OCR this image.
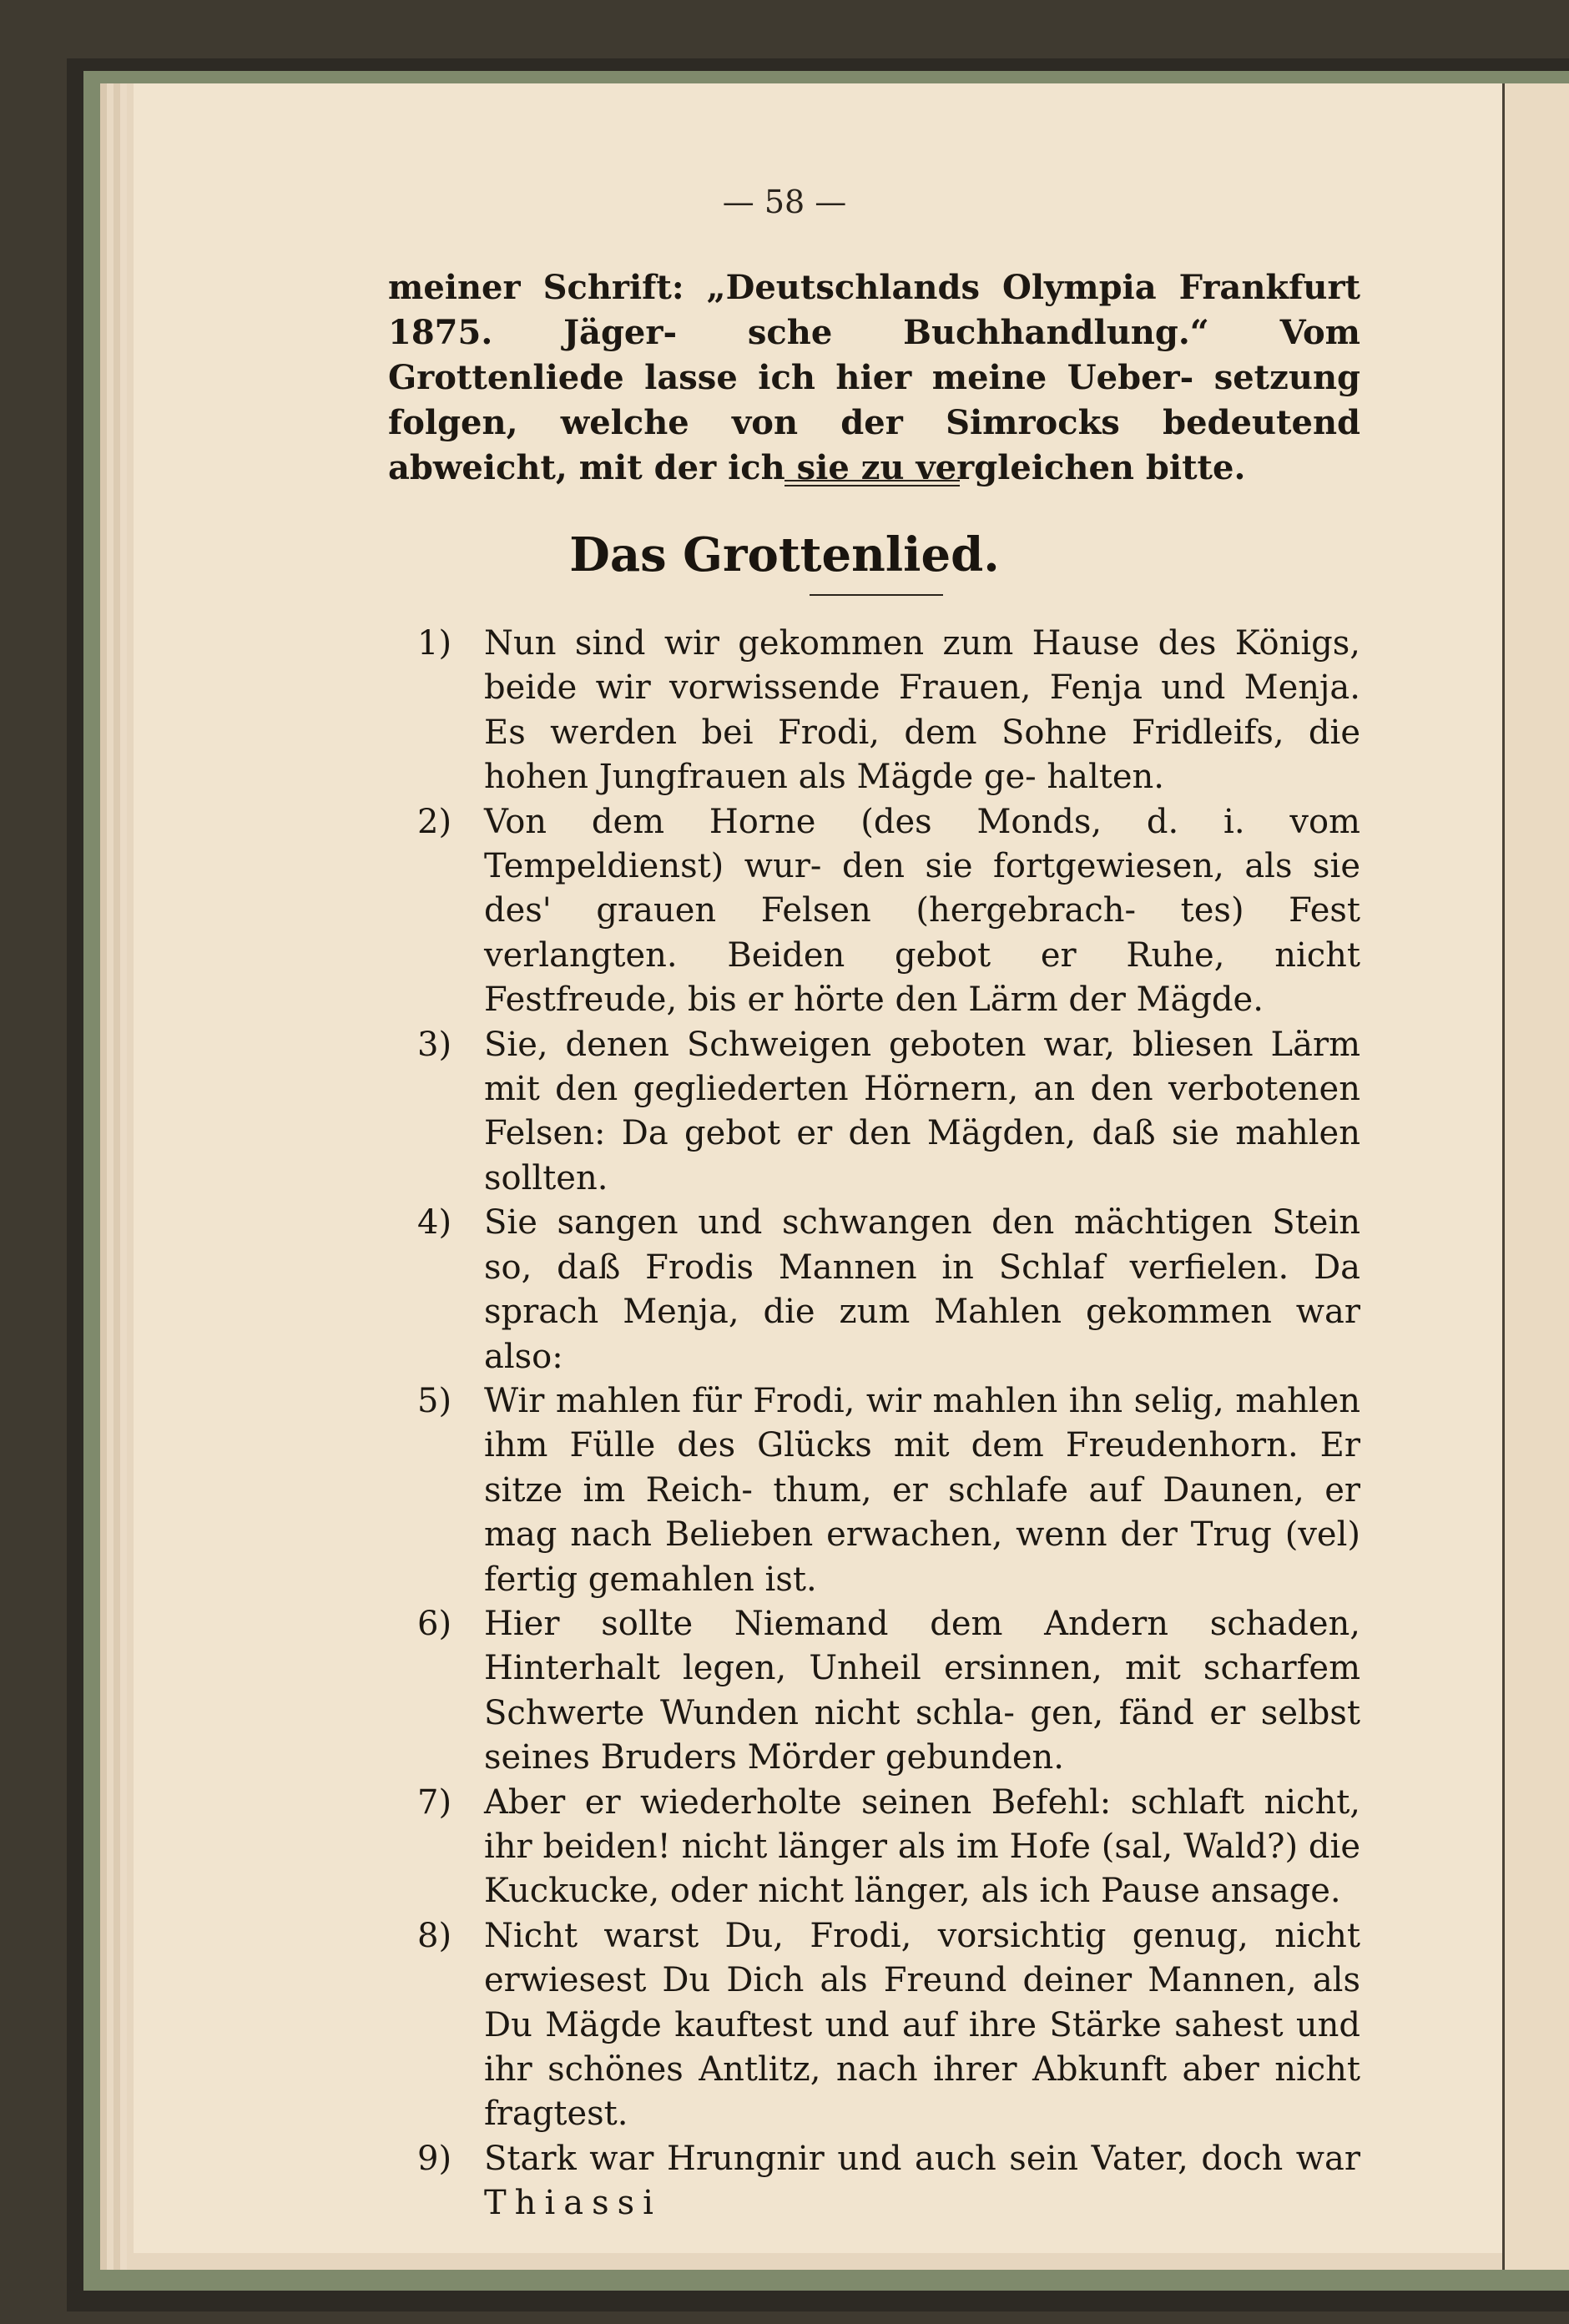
— 58 —

meiner Schrift: „Deutschlands Olympia Frankfurt 1875. Jäger- sche Buchhandlung.“ Vom Grottenliede lasse ich hier meine Ueber- setzung folgen, welche von der Simrocks bedeutend abweicht, mit der ich sie zu vergleichen bitte.

Das Grottenlied.
1) Nun sind wir gekommen zum Hause des Königs, beide wir vorwissende Frauen, Fenja und Menja. Es werden bei Frodi, dem Sohne Fridleifs, die hohen Jungfrauen als Mägde ge- halten.
2) Von dem Horne (des Monds, d. i. vom Tempeldienst) wur- den sie fortgewiesen, als sie des' grauen Felsen (hergebrach- tes) Fest verlangten. Beiden gebot er Ruhe, nicht Festfreude, bis er hörte den Lärm der Mägde.
3) Sie, denen Schweigen geboten war, bliesen Lärm mit den gegliederten Hörnern, an den verbotenen Felsen: Da gebot er den Mägden, daß sie mahlen sollten.
4) Sie sangen und schwangen den mächtigen Stein so, daß Frodis Mannen in Schlaf verfielen. Da sprach Menja, die zum Mahlen gekommen war also:
5) Wir mahlen für Frodi, wir mahlen ihn selig, mahlen ihm Fülle des Glücks mit dem Freudenhorn. Er sitze im Reich- thum, er schlafe auf Daunen, er mag nach Belieben erwachen, wenn der Trug (vel) fertig gemahlen ist.
6) Hier sollte Niemand dem Andern schaden, Hinterhalt legen, Unheil ersinnen, mit scharfem Schwerte Wunden nicht schla- gen, fänd er selbst seines Bruders Mörder gebunden.
7) Aber er wiederholte seinen Befehl: schlaft nicht, ihr beiden! nicht länger als im Hofe (sal, Wald?) die Kuckucke, oder nicht länger, als ich Pause ansage.
8) Nicht warst Du, Frodi, vorsichtig genug, nicht erwiesest Du Dich als Freund deiner Mannen, als Du Mägde kauftest und auf ihre Stärke sahest und ihr schönes Antlitz, nach ihrer Abkunft aber nicht fragtest.
9) Stark war Hrungnir und auch sein Vater, doch war Thiassi
